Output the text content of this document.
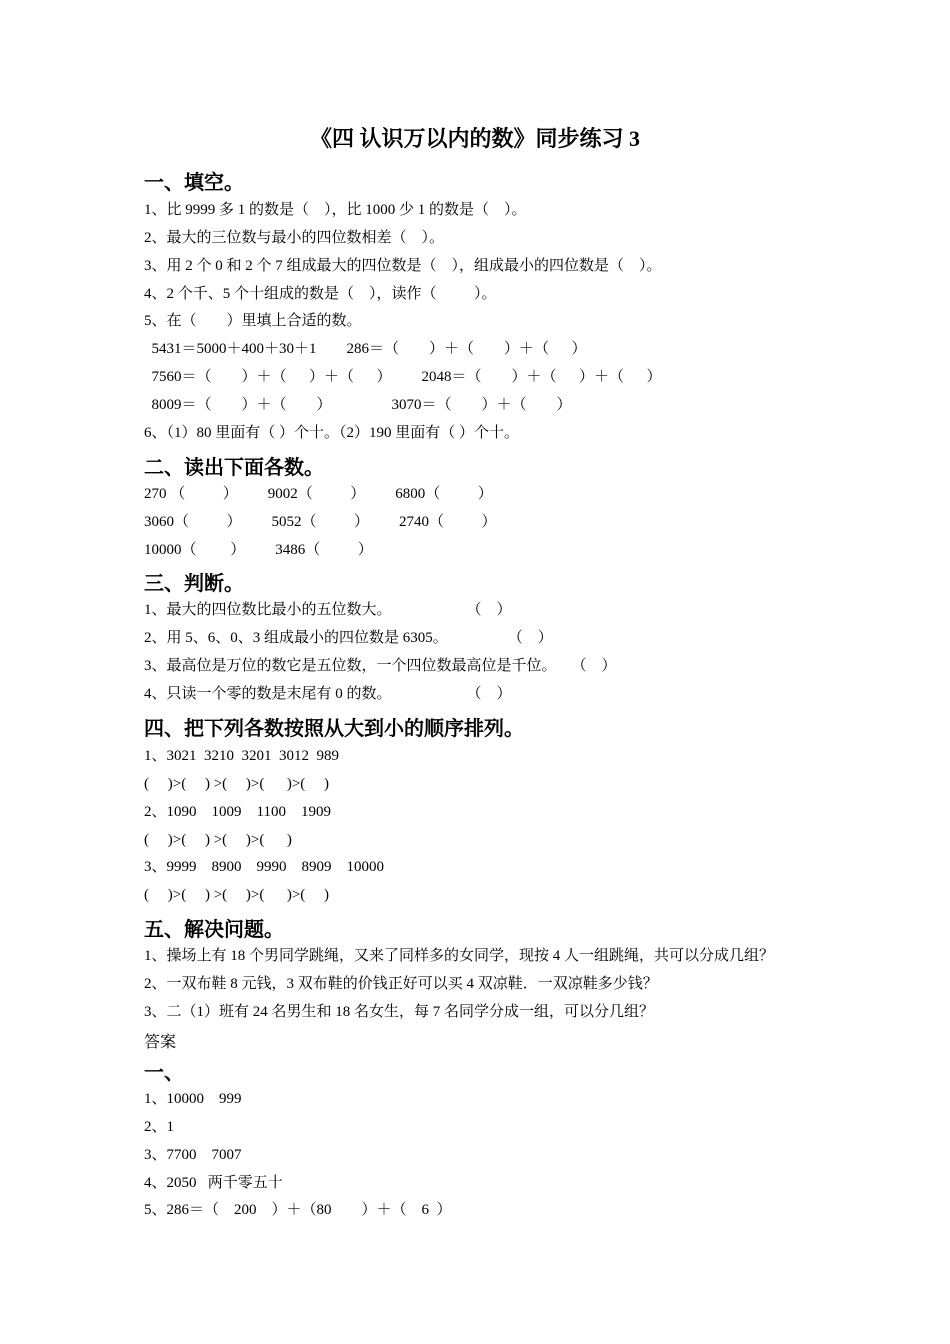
《四 认识万以内的数》同步练习 3
一、填空。
1、比 9999 多 1 的数是（    ），比 1000 少 1 的数是（    ）。
2、最大的三位数与最小的四位数相差（    ）。
3、用 2 个 0 和 2 个 7 组成最大的四位数是（    ），组成最小的四位数是（    ）。
4、2 个千、5 个十组成的数是（    ），读作（          ）。
5、在（        ）里填上合适的数。
5431＝5000＋400＋30＋1        286＝（        ）＋（        ）＋（      ）
7560＝（        ）＋（      ）＋（      ）        2048＝（        ）＋（      ）＋（      ）
8009＝（        ）＋（        ）                3070＝（        ）＋（        ）
6、（1）80 里面有（ ）个十。（2）190 里面有（ ）个十。
二、读出下面各数。
270 （          ）        9002（          ）        6800（          ）
3060（          ）        5052（          ）        2740（          ）
10000（         ）        3486（          ）
三、判断。
1、最大的四位数比最小的五位数大。                    （    ）
2、用 5、6、0、3 组成最小的四位数是 6305。                （    ）
3、最高位是万位的数它是五位数，一个四位数最高位是千位。    （    ）
4、只读一个零的数是末尾有 0 的数。                    （    ）
四、把下列各数按照从大到小的顺序排列。
1、3021  3210  3201  3012  989
(     )>(     ) >(     )>(      )>(     )
2、1090    1009    1100    1909
(     )>(     ) >(     )>(      )
3、9999    8900    9990    8909    10000
(     )>(     ) >(     )>(      )>(     )
五、解决问题。
1、操场上有 18 个男同学跳绳，又来了同样多的女同学，现按 4 人一组跳绳，共可以分成几组？
2、一双布鞋 8 元钱，3 双布鞋的价钱正好可以买 4 双凉鞋．一双凉鞋多少钱？
3、二（1）班有 24 名男生和 18 名女生，每 7 名同学分成一组，可以分几组？
答案
一、
1、10000    999
2、1
3、7700    7007
4、2050   两千零五十
5、286＝（    200    ）＋（80        ）＋（    6  ）
